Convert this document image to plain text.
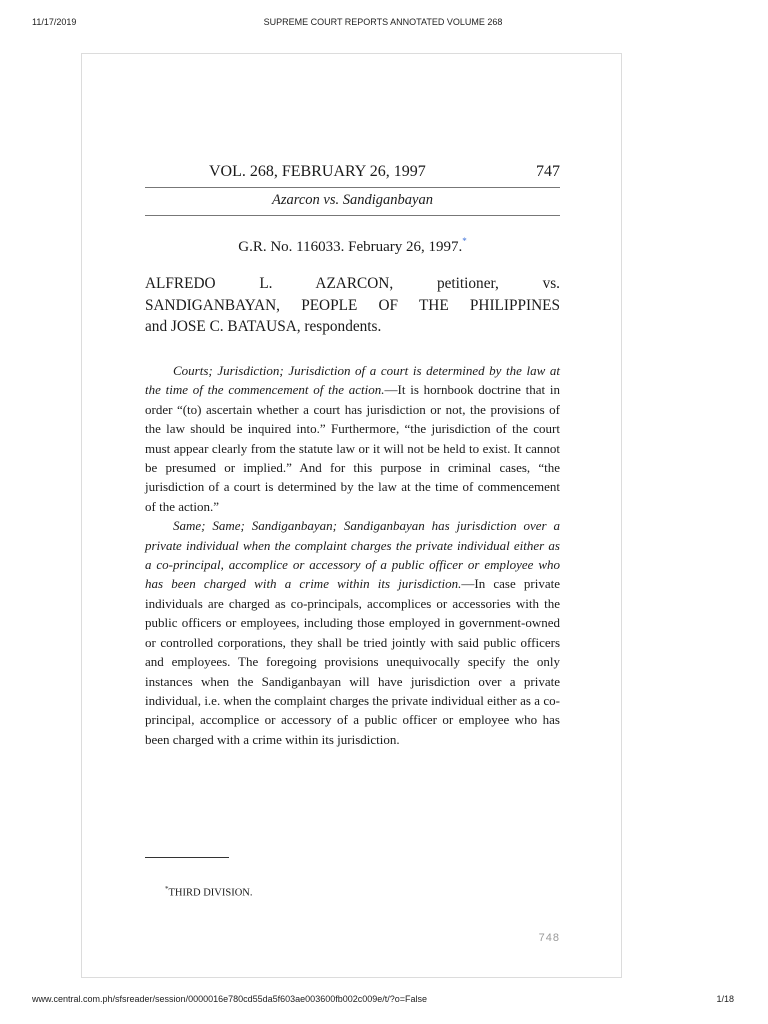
11/17/2019	SUPREME COURT REPORTS ANNOTATED VOLUME 268
VOL. 268, FEBRUARY 26, 1997	747
Azarcon vs. Sandiganbayan
G.R. No. 116033. February 26, 1997.*
ALFREDO L. AZARCON, petitioner, vs.
SANDIGANBAYAN, PEOPLE OF THE PHILIPPINES
and JOSE C. BATAUSA, respondents.

Courts; Jurisdiction; Jurisdiction of a court is determined by the law at the time of the commencement of the action.—It is hornbook doctrine that in order “(to) ascertain whether a court has jurisdiction or not, the provisions of the law should be inquired into.” Furthermore, “the jurisdiction of the court must appear clearly from the statute law or it will not be held to exist. It cannot be presumed or implied.” And for this purpose in criminal cases, “the jurisdiction of a court is determined by the law at the time of commencement of the action.”

Same; Same; Sandiganbayan; Sandiganbayan has jurisdiction over a private individual when the complaint charges the private individual either as a co-principal, accomplice or accessory of a public officer or employee who has been charged with a crime within its jurisdiction.—In case private individuals are charged as co-principals, accomplices or accessories with the public officers or employees, including those employed in government-owned or controlled corporations, they shall be tried jointly with said public officers and employees. The foregoing provisions unequivocally specify the only instances when the Sandiganbayan will have jurisdiction over a private individual, i.e. when the complaint charges the private individual either as a co-principal, accomplice or accessory of a public officer or employee who has been charged with a crime within its jurisdiction.

*THIRD DIVISION.
748
www.central.com.ph/sfsreader/session/0000016e780cd55da5f603ae003600fb002c009e/t/?o=False	1/18
